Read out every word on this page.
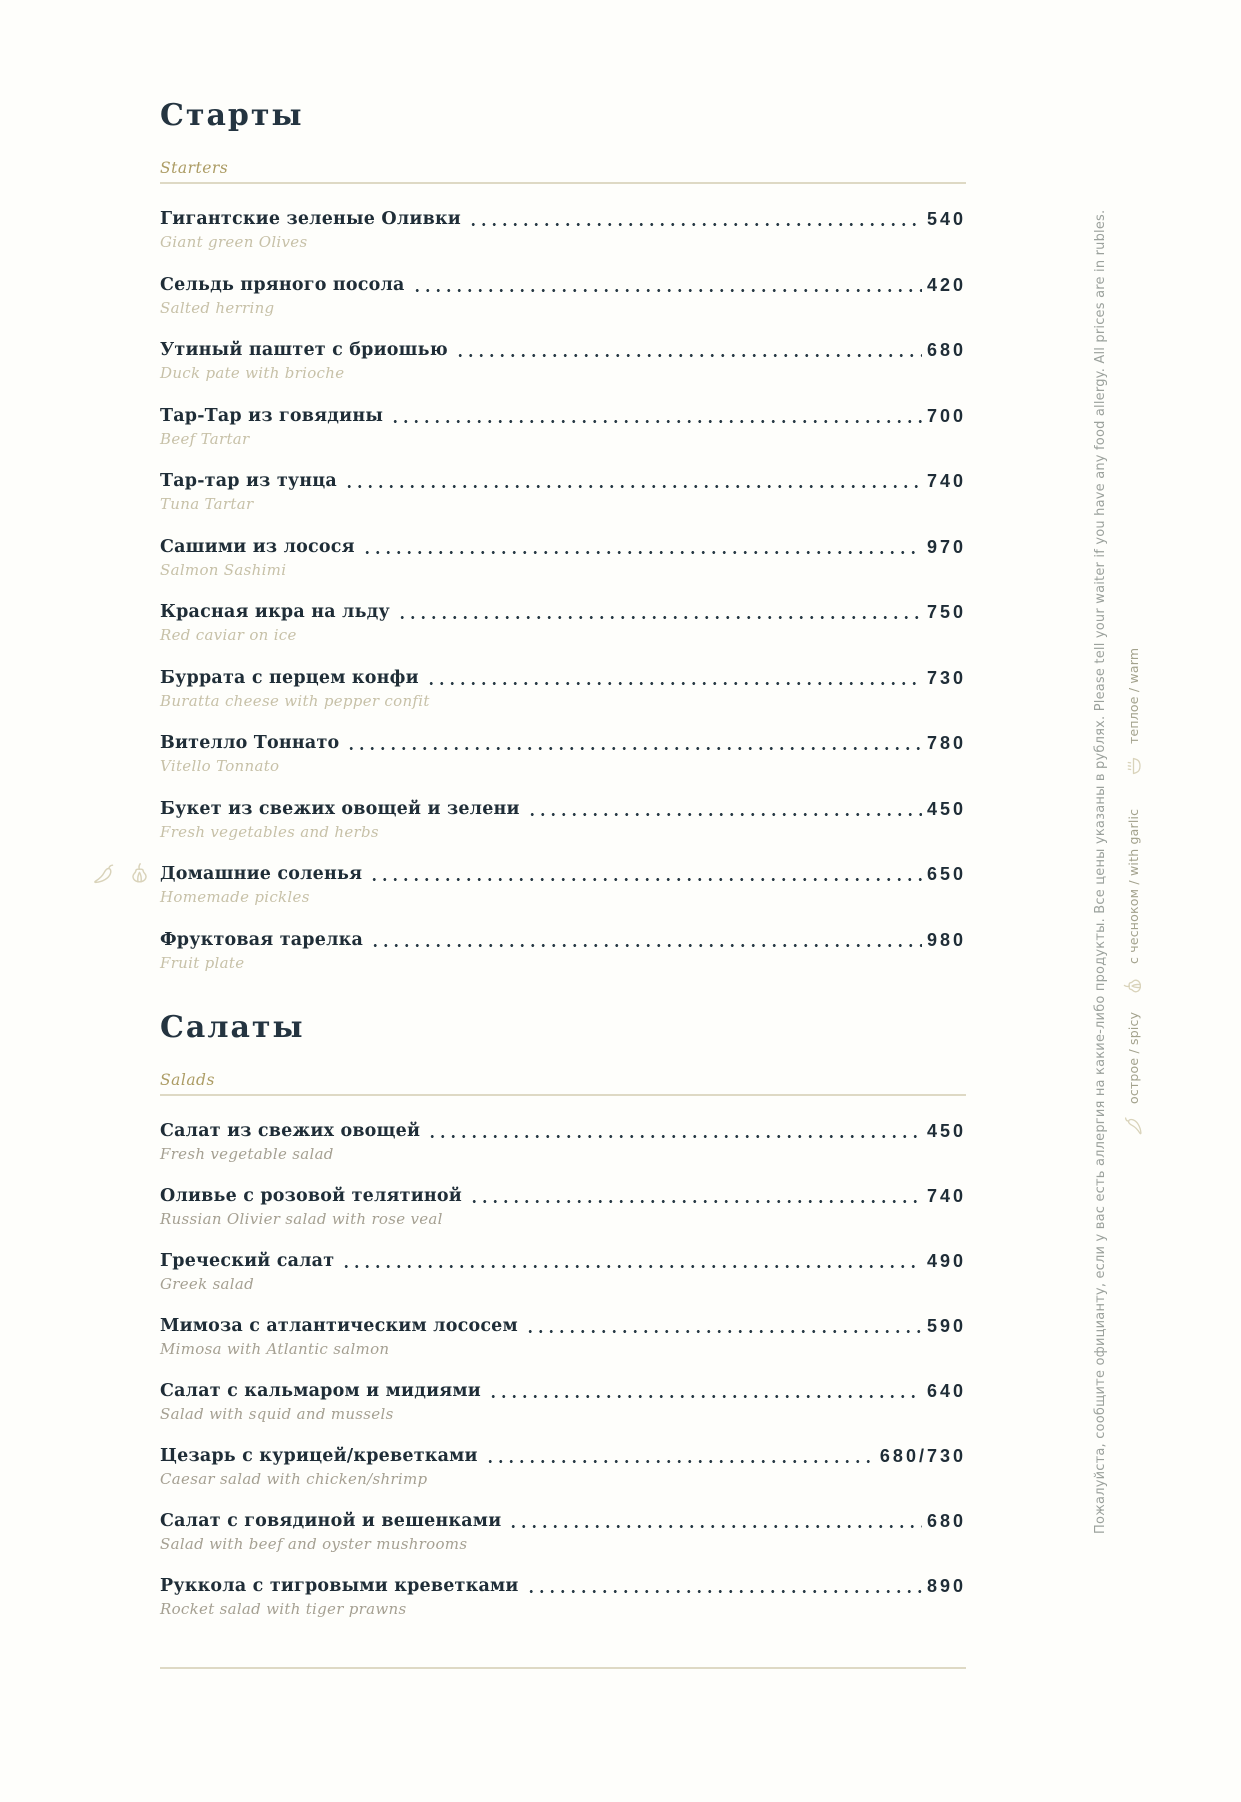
Старты
Starters
Гигантские зеленые Оливки	540
Giant green Olives
Сельдь пряного посола	420
Salted herring
Утиный паштет с бриошью	680
Duck pate with brioche
Тар-Тар из говядины	700
Beef Tartar
Тар-тар из тунца	740
Tuna Tartar
Сашими из лосося	970
Salmon Sashimi
Красная икра на льду	750
Red caviar on ice
Буррата с перцем конфи	730
Buratta cheese with pepper confit
Вителло Тоннато	780
Vitello Tonnato
Букет из свежих овощей и зелени	450
Fresh vegetables and herbs
Домашние соленья	650
Homemade pickles
Фруктовая тарелка	980
Fruit plate
Салаты
Salads
Салат из свежих овощей	450
Fresh vegetable salad
Оливье с розовой телятиной	740
Russian Olivier salad with rose veal
Греческий салат	490
Greek salad
Мимоза с атлантическим лососем	590
Mimosa with Atlantic salmon
Салат с кальмаром и мидиями	640
Salad with squid and mussels
Цезарь с курицей/креветками	680/730
Caesar salad with chicken/shrimp
Салат с говядиной и вешенками	680
Salad with beef and oyster mushrooms
Руккола с тигровыми креветками	890
Rocket salad with tiger prawns
Пожалуйста, сообщите официанту, если у вас есть аллергия на какие-либо продукты. Все цены указаны в рублях. Please tell your waiter if you have any food allergy. All prices are in rubles.	теплое / warm
с чесноком / with garlic
острое / spicy
